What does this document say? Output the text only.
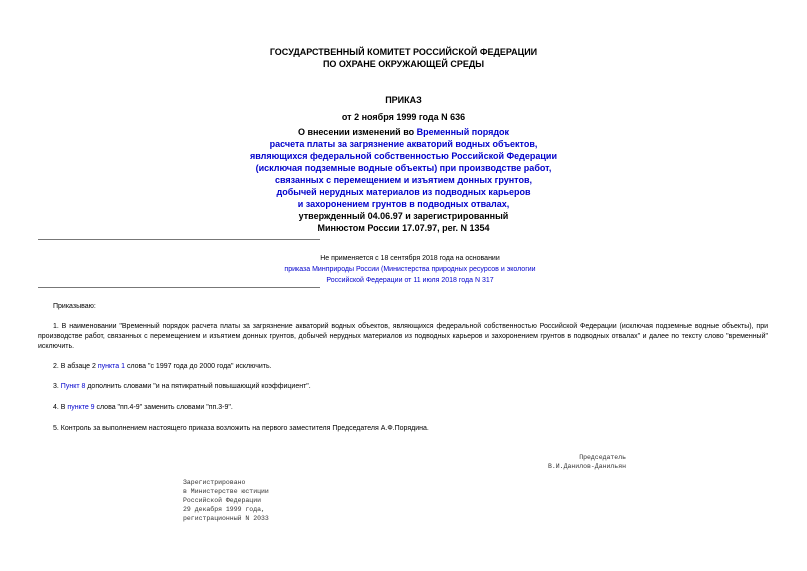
ГОСУДАРСТВЕННЫЙ КОМИТЕТ РОССИЙСКОЙ ФЕДЕРАЦИИ
ПО ОХРАНЕ ОКРУЖАЮЩЕЙ СРЕДЫ
ПРИКАЗ
от 2 ноября 1999 года N 636
О внесении изменений во Временный порядок
расчета платы за загрязнение акваторий водных объектов,
являющихся федеральной собственностью Российской Федерации
(исключая подземные водные объекты) при производстве работ,
связанных с перемещением и изъятием донных грунтов,
добычей нерудных материалов из подводных карьеров
и захоронением грунтов в подводных отвалах,
утвержденный 04.06.97 и зарегистрированный
Минюстом России 17.07.97, рег. N 1354
Не применяется с 18 сентября 2018 года на основании
приказа Минприроды России (Министерства природных ресурсов и экологии
Российской Федерации от 11 июля 2018 года N 317
Приказываю:
1. В наименовании "Временный порядок расчета платы за загрязнение акваторий водных объектов, являющихся федеральной собственностью Российской Федерации (исключая подземные водные объекты), при производстве работ, связанных с перемещением и изъятием донных грунтов, добычей нерудных материалов из подводных карьеров и захоронением грунтов в подводных отвалах" и далее по тексту слово "временный" исключить.
2. В абзаце 2 пункта 1 слова "с 1997 года до 2000 года" исключить.
3. Пункт 8 дополнить словами "и на пятикратный повышающий коэффициент".
4. В пункте 9 слова "пп.4-9" заменить словами "пп.3-9".
5. Контроль за выполнением настоящего приказа возложить на первого заместителя Председателя А.Ф.Порядина.
Председатель
В.И.Данилов-Данильян
Зарегистрировано
в Министерстве юстиции
Российской Федерации
29 декабря 1999 года,
регистрационный N 2033
